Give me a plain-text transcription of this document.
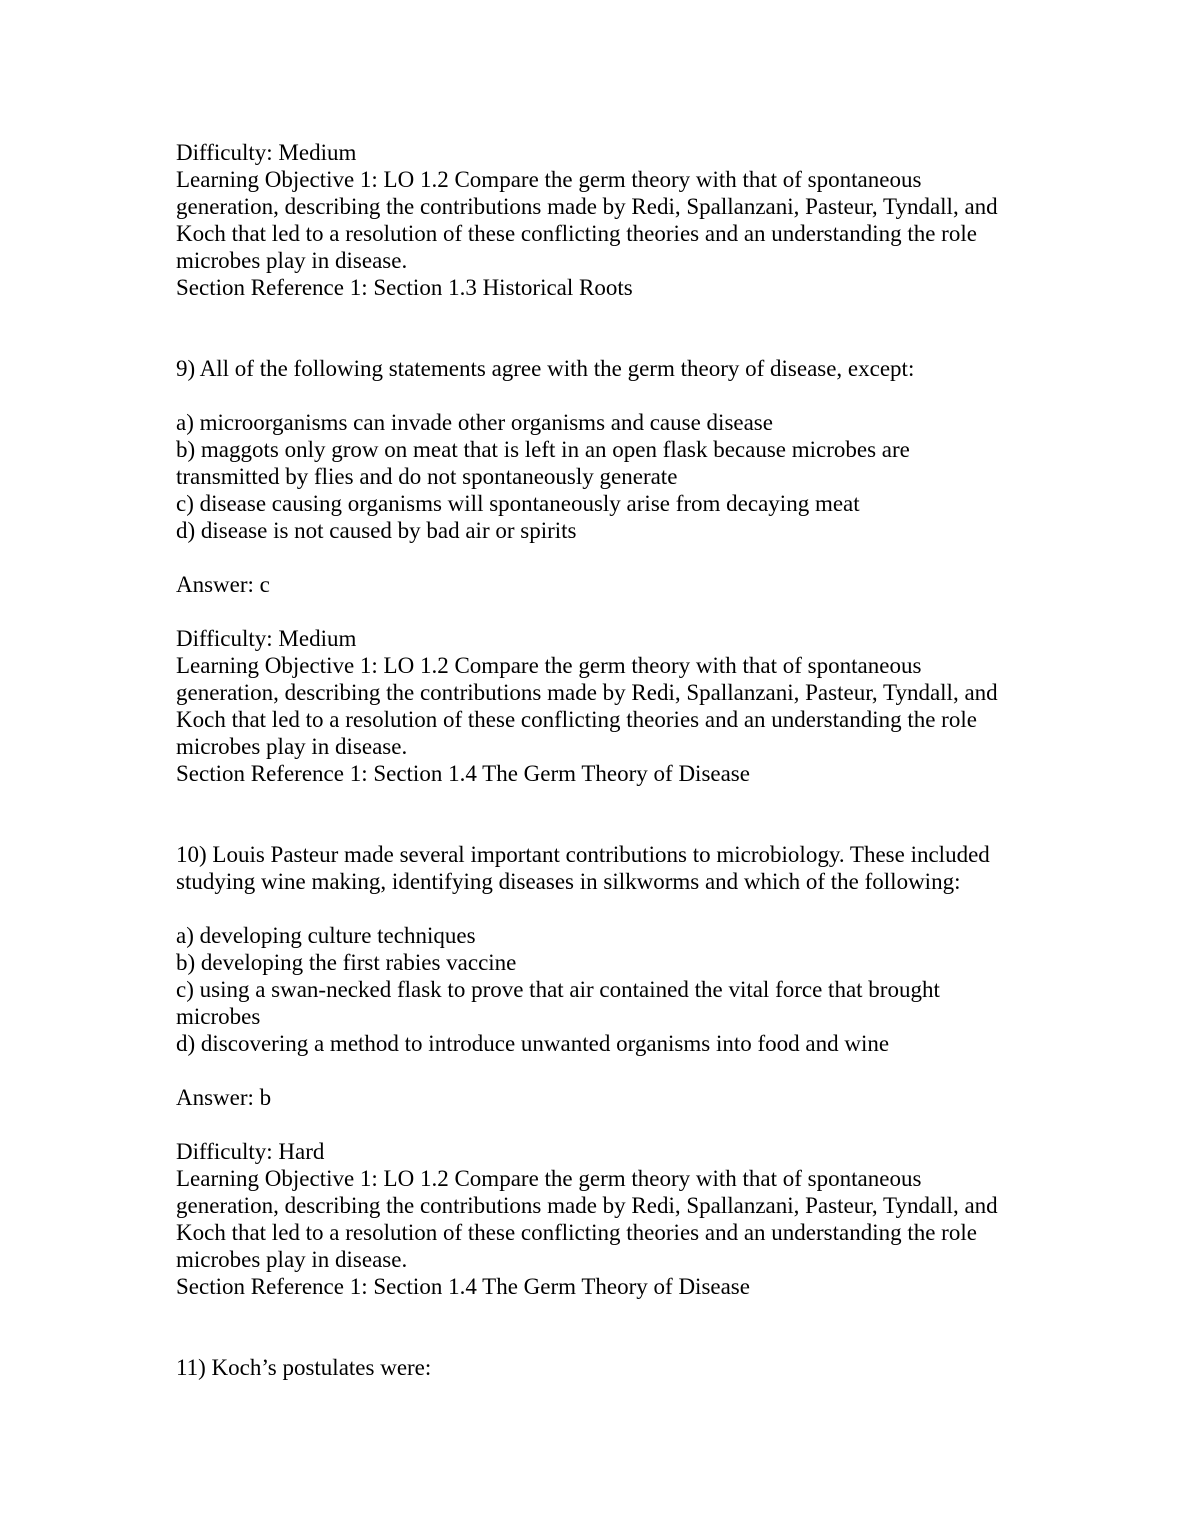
Difficulty: Medium
Learning Objective 1: LO 1.2 Compare the germ theory with that of spontaneous
generation, describing the contributions made by Redi, Spallanzani, Pasteur, Tyndall, and
Koch that led to a resolution of these conflicting theories and an understanding the role
microbes play in disease.
Section Reference 1: Section 1.3 Historical Roots
9) All of the following statements agree with the germ theory of disease, except:
a) microorganisms can invade other organisms and cause disease
b) maggots only grow on meat that is left in an open flask because microbes are
transmitted by flies and do not spontaneously generate
c) disease causing organisms will spontaneously arise from decaying meat
d) disease is not caused by bad air or spirits
Answer: c
Difficulty: Medium
Learning Objective 1: LO 1.2 Compare the germ theory with that of spontaneous
generation, describing the contributions made by Redi, Spallanzani, Pasteur, Tyndall, and
Koch that led to a resolution of these conflicting theories and an understanding the role
microbes play in disease.
Section Reference 1: Section 1.4 The Germ Theory of Disease
10) Louis Pasteur made several important contributions to microbiology. These included
studying wine making, identifying diseases in silkworms and which of the following:
a) developing culture techniques
b) developing the first rabies vaccine
c) using a swan-necked flask to prove that air contained the vital force that brought
microbes
d) discovering a method to introduce unwanted organisms into food and wine
Answer: b
Difficulty: Hard
Learning Objective 1: LO 1.2 Compare the germ theory with that of spontaneous
generation, describing the contributions made by Redi, Spallanzani, Pasteur, Tyndall, and
Koch that led to a resolution of these conflicting theories and an understanding the role
microbes play in disease.
Section Reference 1: Section 1.4 The Germ Theory of Disease
11) Koch’s postulates were:
